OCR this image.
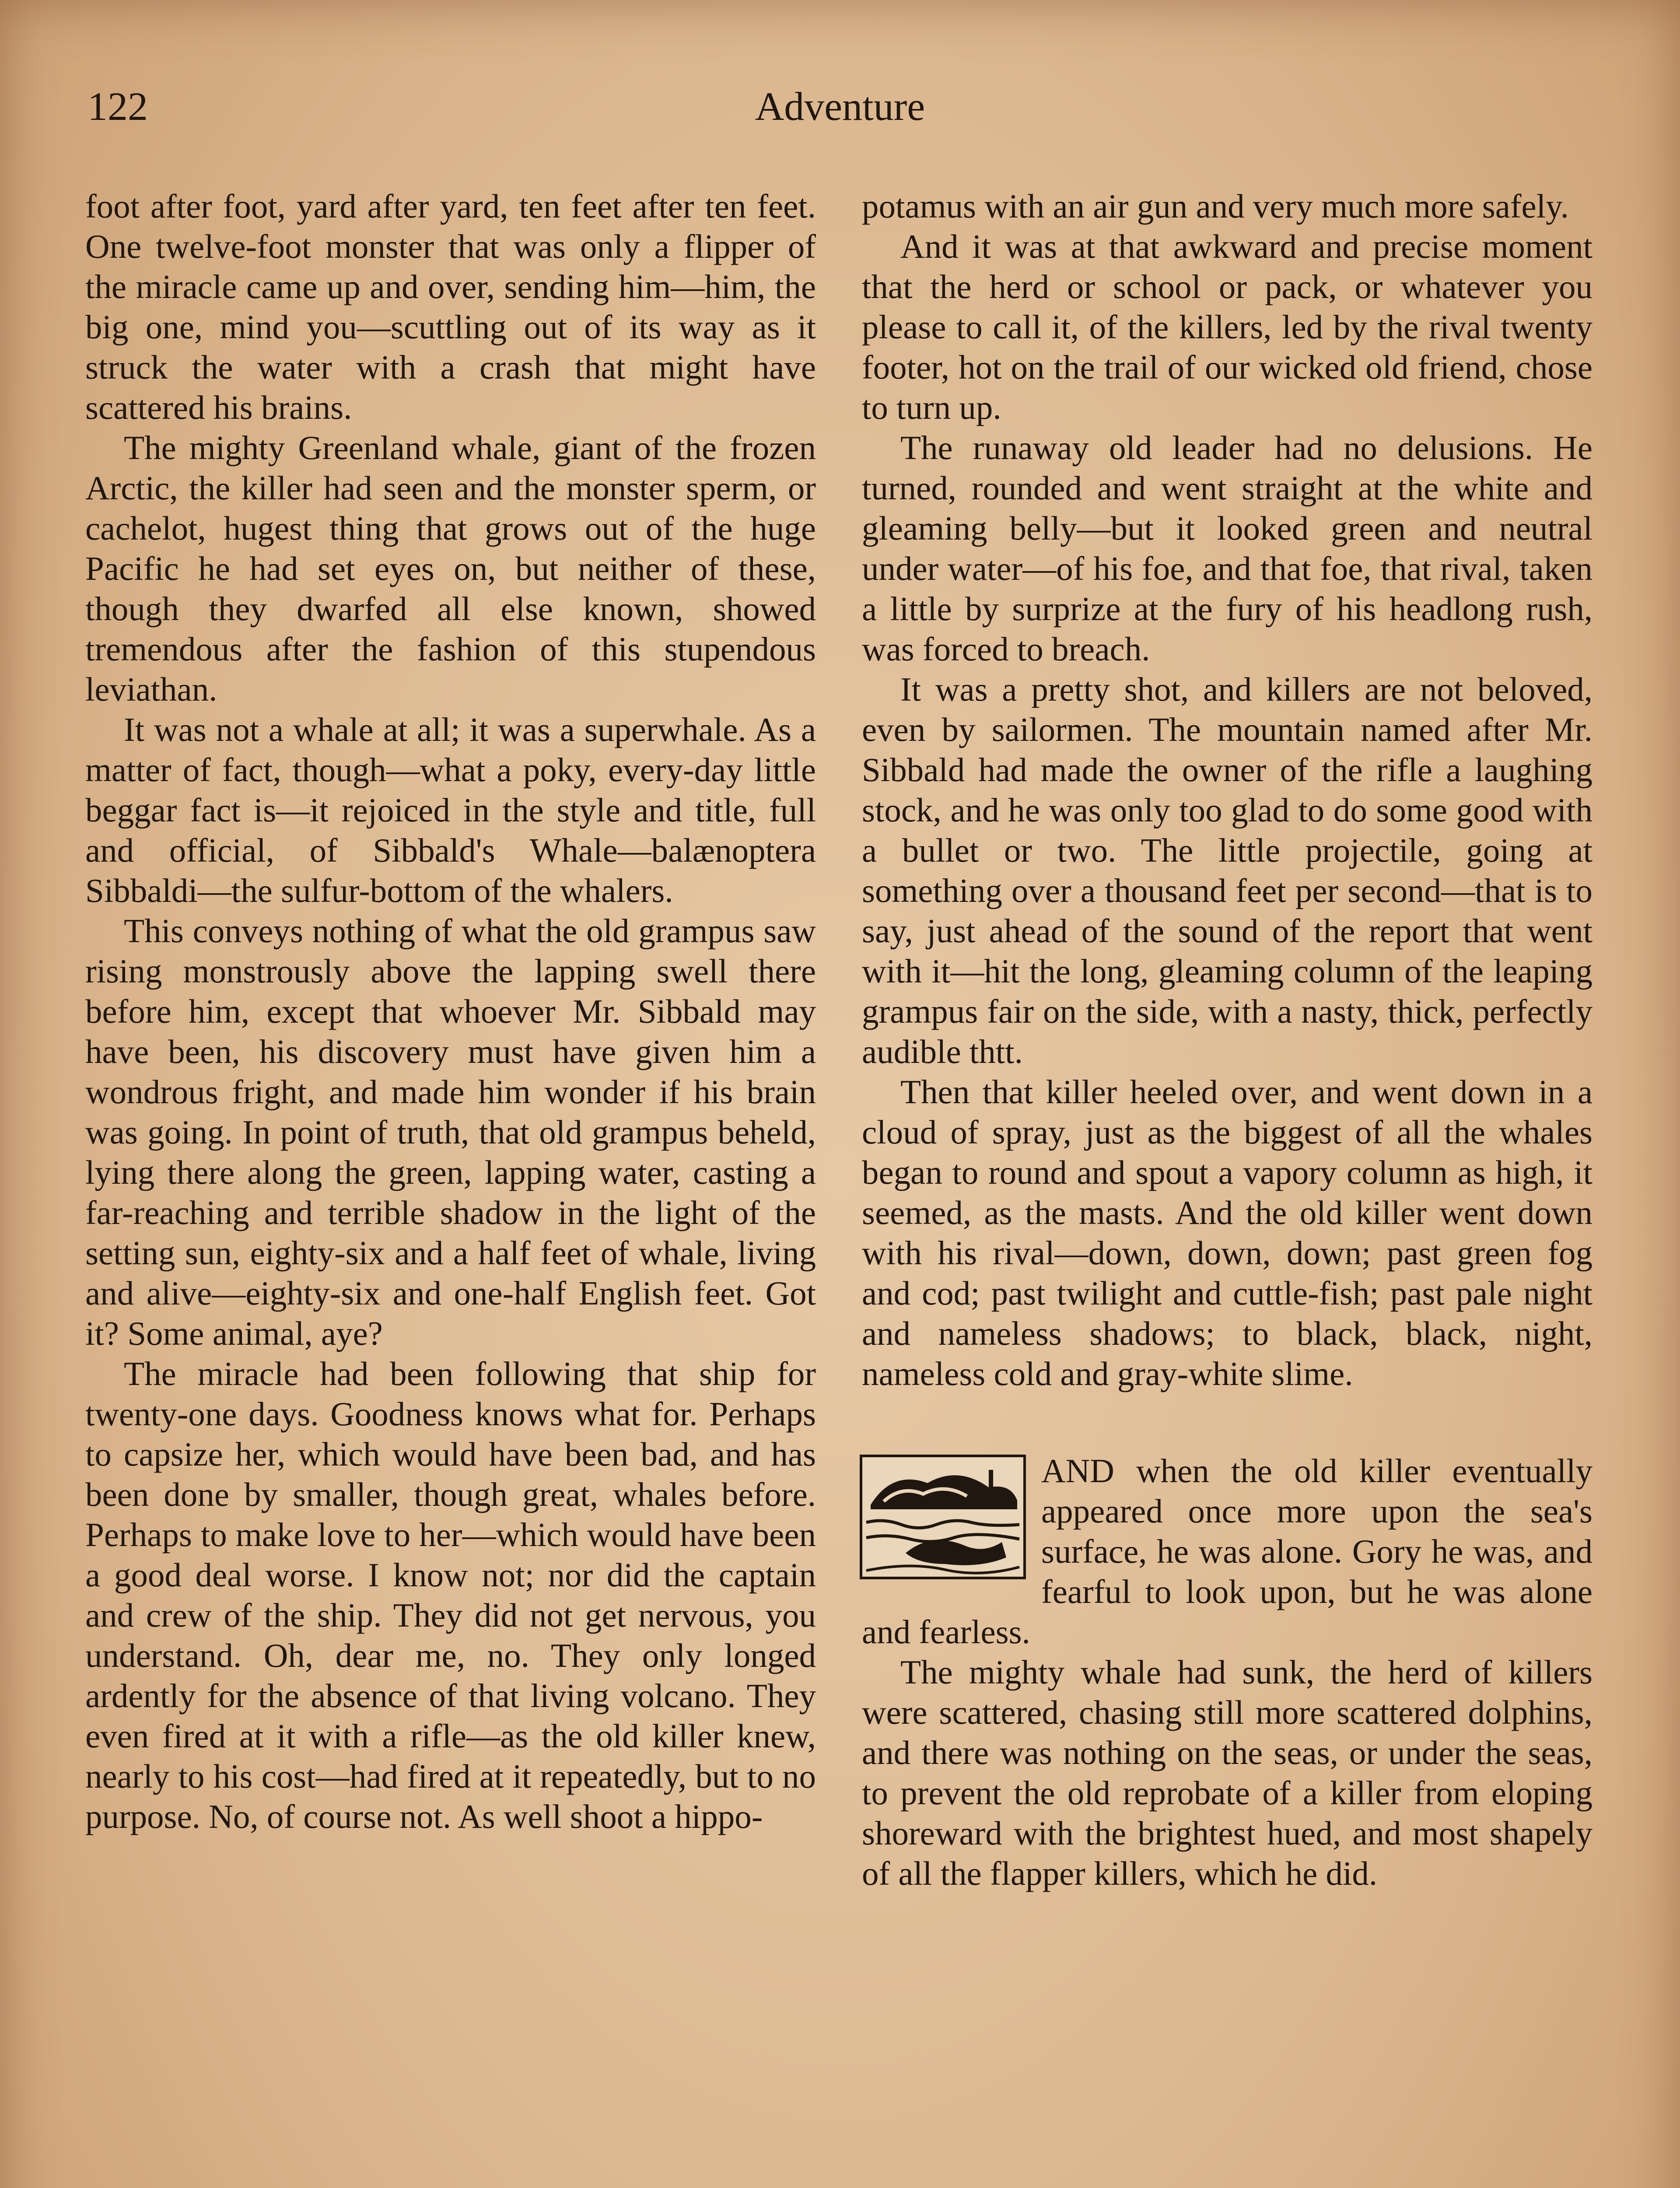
122	Adventure

foot after foot, yard after yard, ten feet after ten feet. One twelve-foot monster that was only a flipper of the miracle came up and over, sending him—him, the big one, mind you—scuttling out of its way as it struck the water with a crash that might have scattered his brains.

The mighty Greenland whale, giant of the frozen Arctic, the killer had seen and the monster sperm, or cachelot, hugest thing that grows out of the huge Pacific he had set eyes on, but neither of these, though they dwarfed all else known, showed tremendous after the fashion of this stupendous leviathan.

It was not a whale at all; it was a superwhale. As a matter of fact, though—what a poky, every-day little beggar fact is—it rejoiced in the style and title, full and official, of Sibbald's Whale—balænoptera Sibbaldi—the sulfur-bottom of the whalers.

This conveys nothing of what the old grampus saw rising monstrously above the lapping swell there before him, except that whoever Mr. Sibbald may have been, his discovery must have given him a wondrous fright, and made him wonder if his brain was going. In point of truth, that old grampus beheld, lying there along the green, lapping water, casting a far-reaching and terrible shadow in the light of the setting sun, eighty-six and a half feet of whale, living and alive—eighty-six and one-half English feet. Got it? Some animal, aye?

The miracle had been following that ship for twenty-one days. Goodness knows what for. Perhaps to capsize her, which would have been bad, and has been done by smaller, though great, whales before. Perhaps to make love to her—which would have been a good deal worse. I know not; nor did the captain and crew of the ship. They did not get nervous, you understand. Oh, dear me, no. They only longed ardently for the absence of that living volcano. They even fired at it with a rifle—as the old killer knew, nearly to his cost—had fired at it repeatedly, but to no purpose. No, of course not. As well shoot a hippo-

potamus with an air gun and very much more safely.

And it was at that awkward and precise moment that the herd or school or pack, or whatever you please to call it, of the killers, led by the rival twenty footer, hot on the trail of our wicked old friend, chose to turn up.

The runaway old leader had no delusions. He turned, rounded and went straight at the white and gleaming belly—but it looked green and neutral under water—of his foe, and that foe, that rival, taken a little by surprize at the fury of his headlong rush, was forced to breach.

It was a pretty shot, and killers are not beloved, even by sailormen. The mountain named after Mr. Sibbald had made the owner of the rifle a laughing stock, and he was only too glad to do some good with a bullet or two. The little projectile, going at something over a thousand feet per second—that is to say, just ahead of the sound of the report that went with it—hit the long, gleaming column of the leaping grampus fair on the side, with a nasty, thick, perfectly audible thtt.

Then that killer heeled over, and went down in a cloud of spray, just as the biggest of all the whales began to round and spout a vapory column as high, it seemed, as the masts. And the old killer went down with his rival—down, down, down; past green fog and cod; past twilight and cuttle-fish; past pale night and nameless shadows; to black, black, night, nameless cold and gray-white slime.

AND when the old killer eventually appeared once more upon the sea's surface, he was alone. Gory he was, and fearful to look upon, but he was alone and fearless.

The mighty whale had sunk, the herd of killers were scattered, chasing still more scattered dolphins, and there was nothing on the seas, or under the seas, to prevent the old reprobate of a killer from eloping shoreward with the brightest hued, and most shapely of all the flapper killers, which he did.
